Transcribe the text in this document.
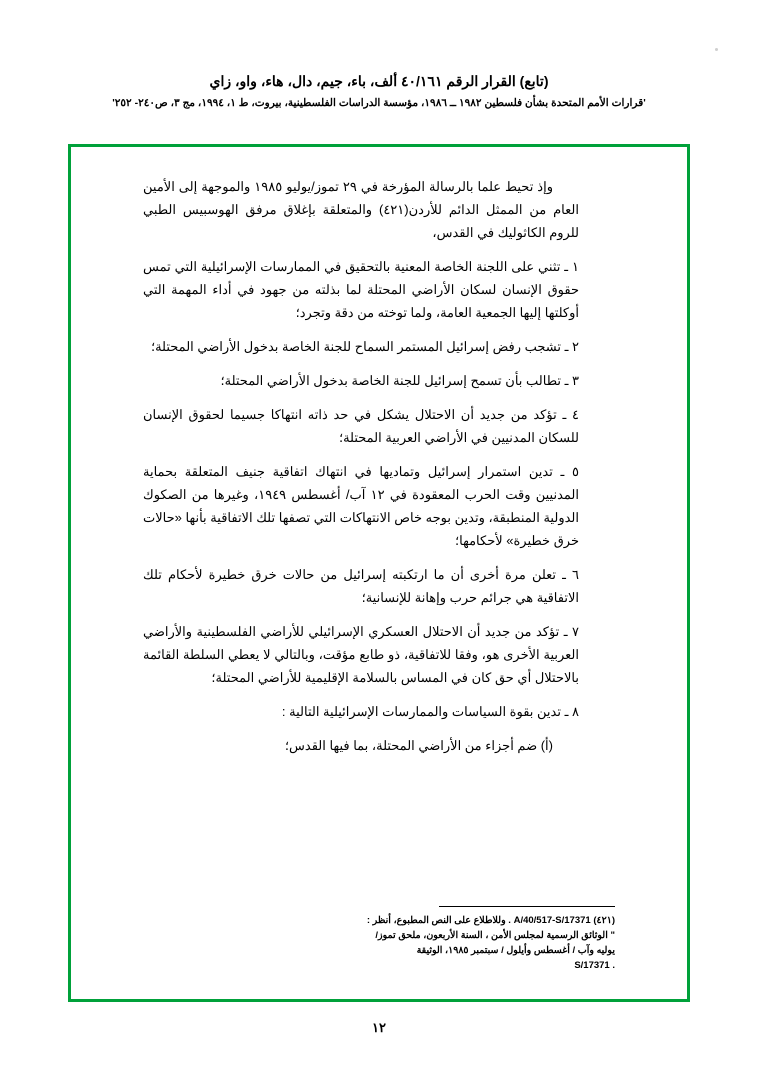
(تابع) القرار الرقم ٤٠/١٦١ ألف، باء، جيم، دال، هاء، واو، زاي
'قرارات الأمم المتحدة بشأن فلسطين ١٩٨٢ ــ ١٩٨٦، مؤسسة الدراسات الفلسطينية، بيروت، ط ١، ١٩٩٤، مج ٣، ص٢٤٠- ٢٥٢'

وإذ تحيط علما بالرسالة المؤرخة في ٢٩ تموز/يوليو ١٩٨٥ والموجهة إلى الأمين العام من الممثل الدائم للأردن(٤٢١) والمتعلقة بإغلاق مرفق الهوسبيس الطبي للروم الكاثوليك في القدس،

١ ـ تثني على اللجنة الخاصة المعنية بالتحقيق في الممارسات الإسرائيلية التي تمس حقوق الإنسان لسكان الأراضي المحتلة لما بذلته من جهود في أداء المهمة التي أوكلتها إليها الجمعية العامة، ولما توخته من دقة وتجرد؛

٢ ـ تشجب رفض إسرائيل المستمر السماح للجنة الخاصة بدخول الأراضي المحتلة؛

٣ ـ تطالب بأن تسمح إسرائيل للجنة الخاصة بدخول الأراضي المحتلة؛

٤ ـ تؤكد من جديد أن الاحتلال يشكل في حد ذاته انتهاكا جسيما لحقوق الإنسان للسكان المدنيين في الأراضي العربية المحتلة؛

٥ ـ تدين استمرار إسرائيل وتماديها في انتهاك اتفاقية جنيف المتعلقة بحماية المدنيين وقت الحرب المعقودة في ١٢ آب/ أغسطس ١٩٤٩، وغيرها من الصكوك الدولية المنطبقة، وتدين بوجه خاص الانتهاكات التي تصفها تلك الاتفاقية بأنها «حالات خرق خطيرة» لأحكامها؛

٦ ـ تعلن مرة أخرى أن ما ارتكبته إسرائيل من حالات خرق خطيرة لأحكام تلك الاتفاقية هي جرائم حرب وإهانة للإنسانية؛

٧ ـ تؤكد من جديد أن الاحتلال العسكري الإسرائيلي للأراضي الفلسطينية والأراضي العربية الأخرى هو، وفقا للاتفاقية، ذو طابع مؤقت، وبالتالي لا يعطي السلطة القائمة بالاحتلال أي حق كان في المساس بالسلامة الإقليمية للأراضي المحتلة؛

٨ ـ تدين بقوة السياسات والممارسات الإسرائيلية التالية :

(أ) ضم أجزاء من الأراضي المحتلة، بما فيها القدس؛

(٤٢١) ‎A/40/517-S/17371‎ . وللاطلاع على النص المطبوع، أنظر :
" الوثائق الرسمية لمجلس الأمن ، السنة الأربعون، ملحق تموز/
يوليه وآب / أغسطس وأيلول / سبتمبر ١٩٨٥، الوثيقة
. S/17371
١٢
